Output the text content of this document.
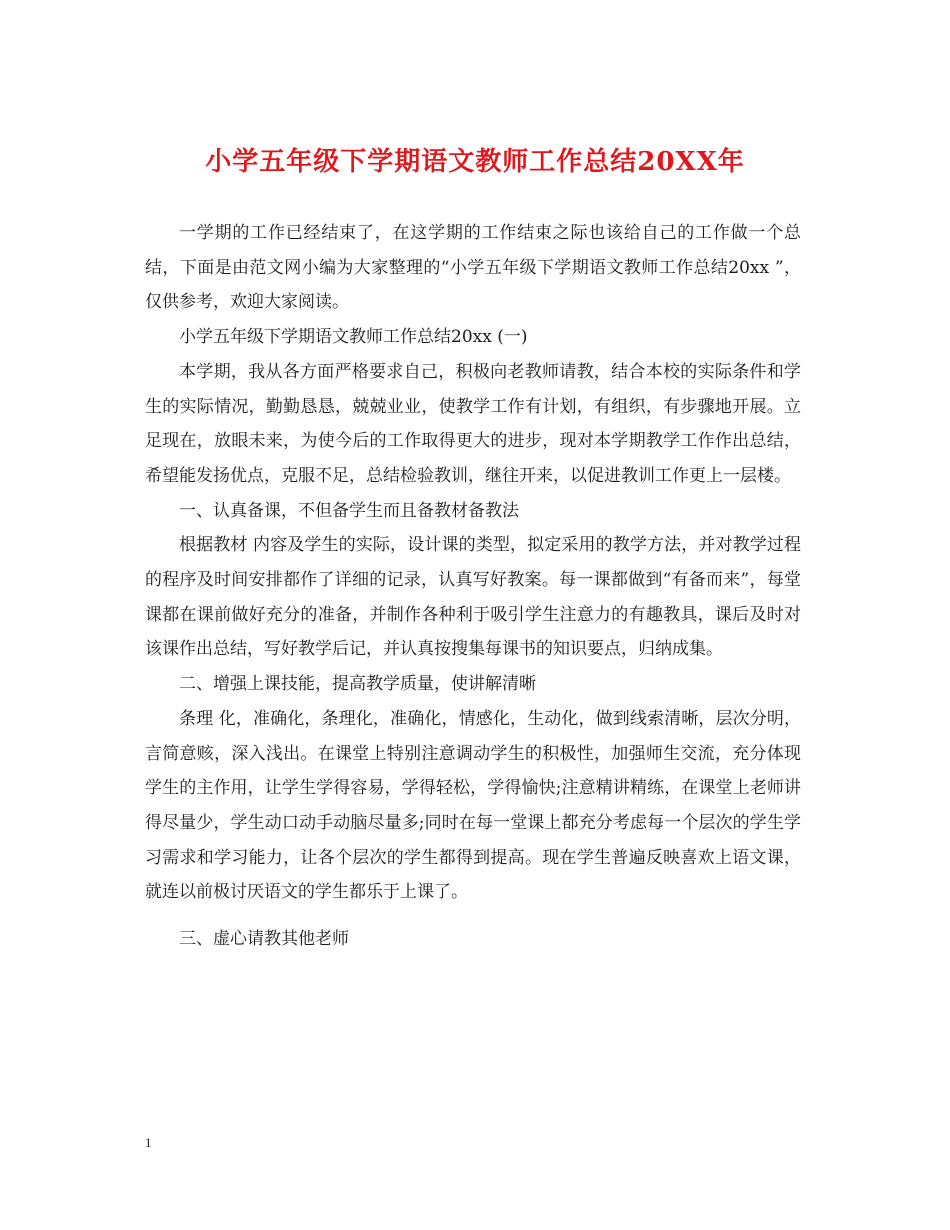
小学五年级下学期语文教师工作总结20XX年

一学期的工作已经结束了，在这学期的工作结束之际也该给自己的工作做一个总结，下面是由范文网小编为大家整理的“小学五年级下学期语文教师工作总结20xx ”，仅供参考，欢迎大家阅读。

小学五年级下学期语文教师工作总结20xx (一)

本学期，我从各方面严格要求自己，积极向老教师请教，结合本校的实际条件和学生的实际情况，勤勤恳恳，兢兢业业，使教学工作有计划，有组织，有步骤地开展。立足现在，放眼未来，为使今后的工作取得更大的进步，现对本学期教学工作作出总结，希望能发扬优点，克服不足，总结检验教训，继往开来，以促进教训工作更上一层楼。

一、认真备课，不但备学生而且备教材备教法

根据教材 内容及学生的实际，设计课的类型，拟定采用的教学方法，并对教学过程的程序及时间安排都作了详细的记录，认真写好教案。每一课都做到“有备而来”，每堂课都在课前做好充分的准备，并制作各种利于吸引学生注意力的有趣教具，课后及时对该课作出总结，写好教学后记，并认真按搜集每课书的知识要点，归纳成集。

二、增强上课技能，提高教学质量，使讲解清晰

条理 化，准确化，条理化，准确化，情感化，生动化，做到线索清晰，层次分明，言简意赅，深入浅出。在课堂上特别注意调动学生的积极性，加强师生交流，充分体现学生的主作用，让学生学得容易，学得轻松，学得愉快;注意精讲精练，在课堂上老师讲得尽量少，学生动口动手动脑尽量多;同时在每一堂课上都充分考虑每一个层次的学生学习需求和学习能力，让各个层次的学生都得到提高。现在学生普遍反映喜欢上语文课，就连以前极讨厌语文的学生都乐于上课了。

三、虚心请教其他老师

1
